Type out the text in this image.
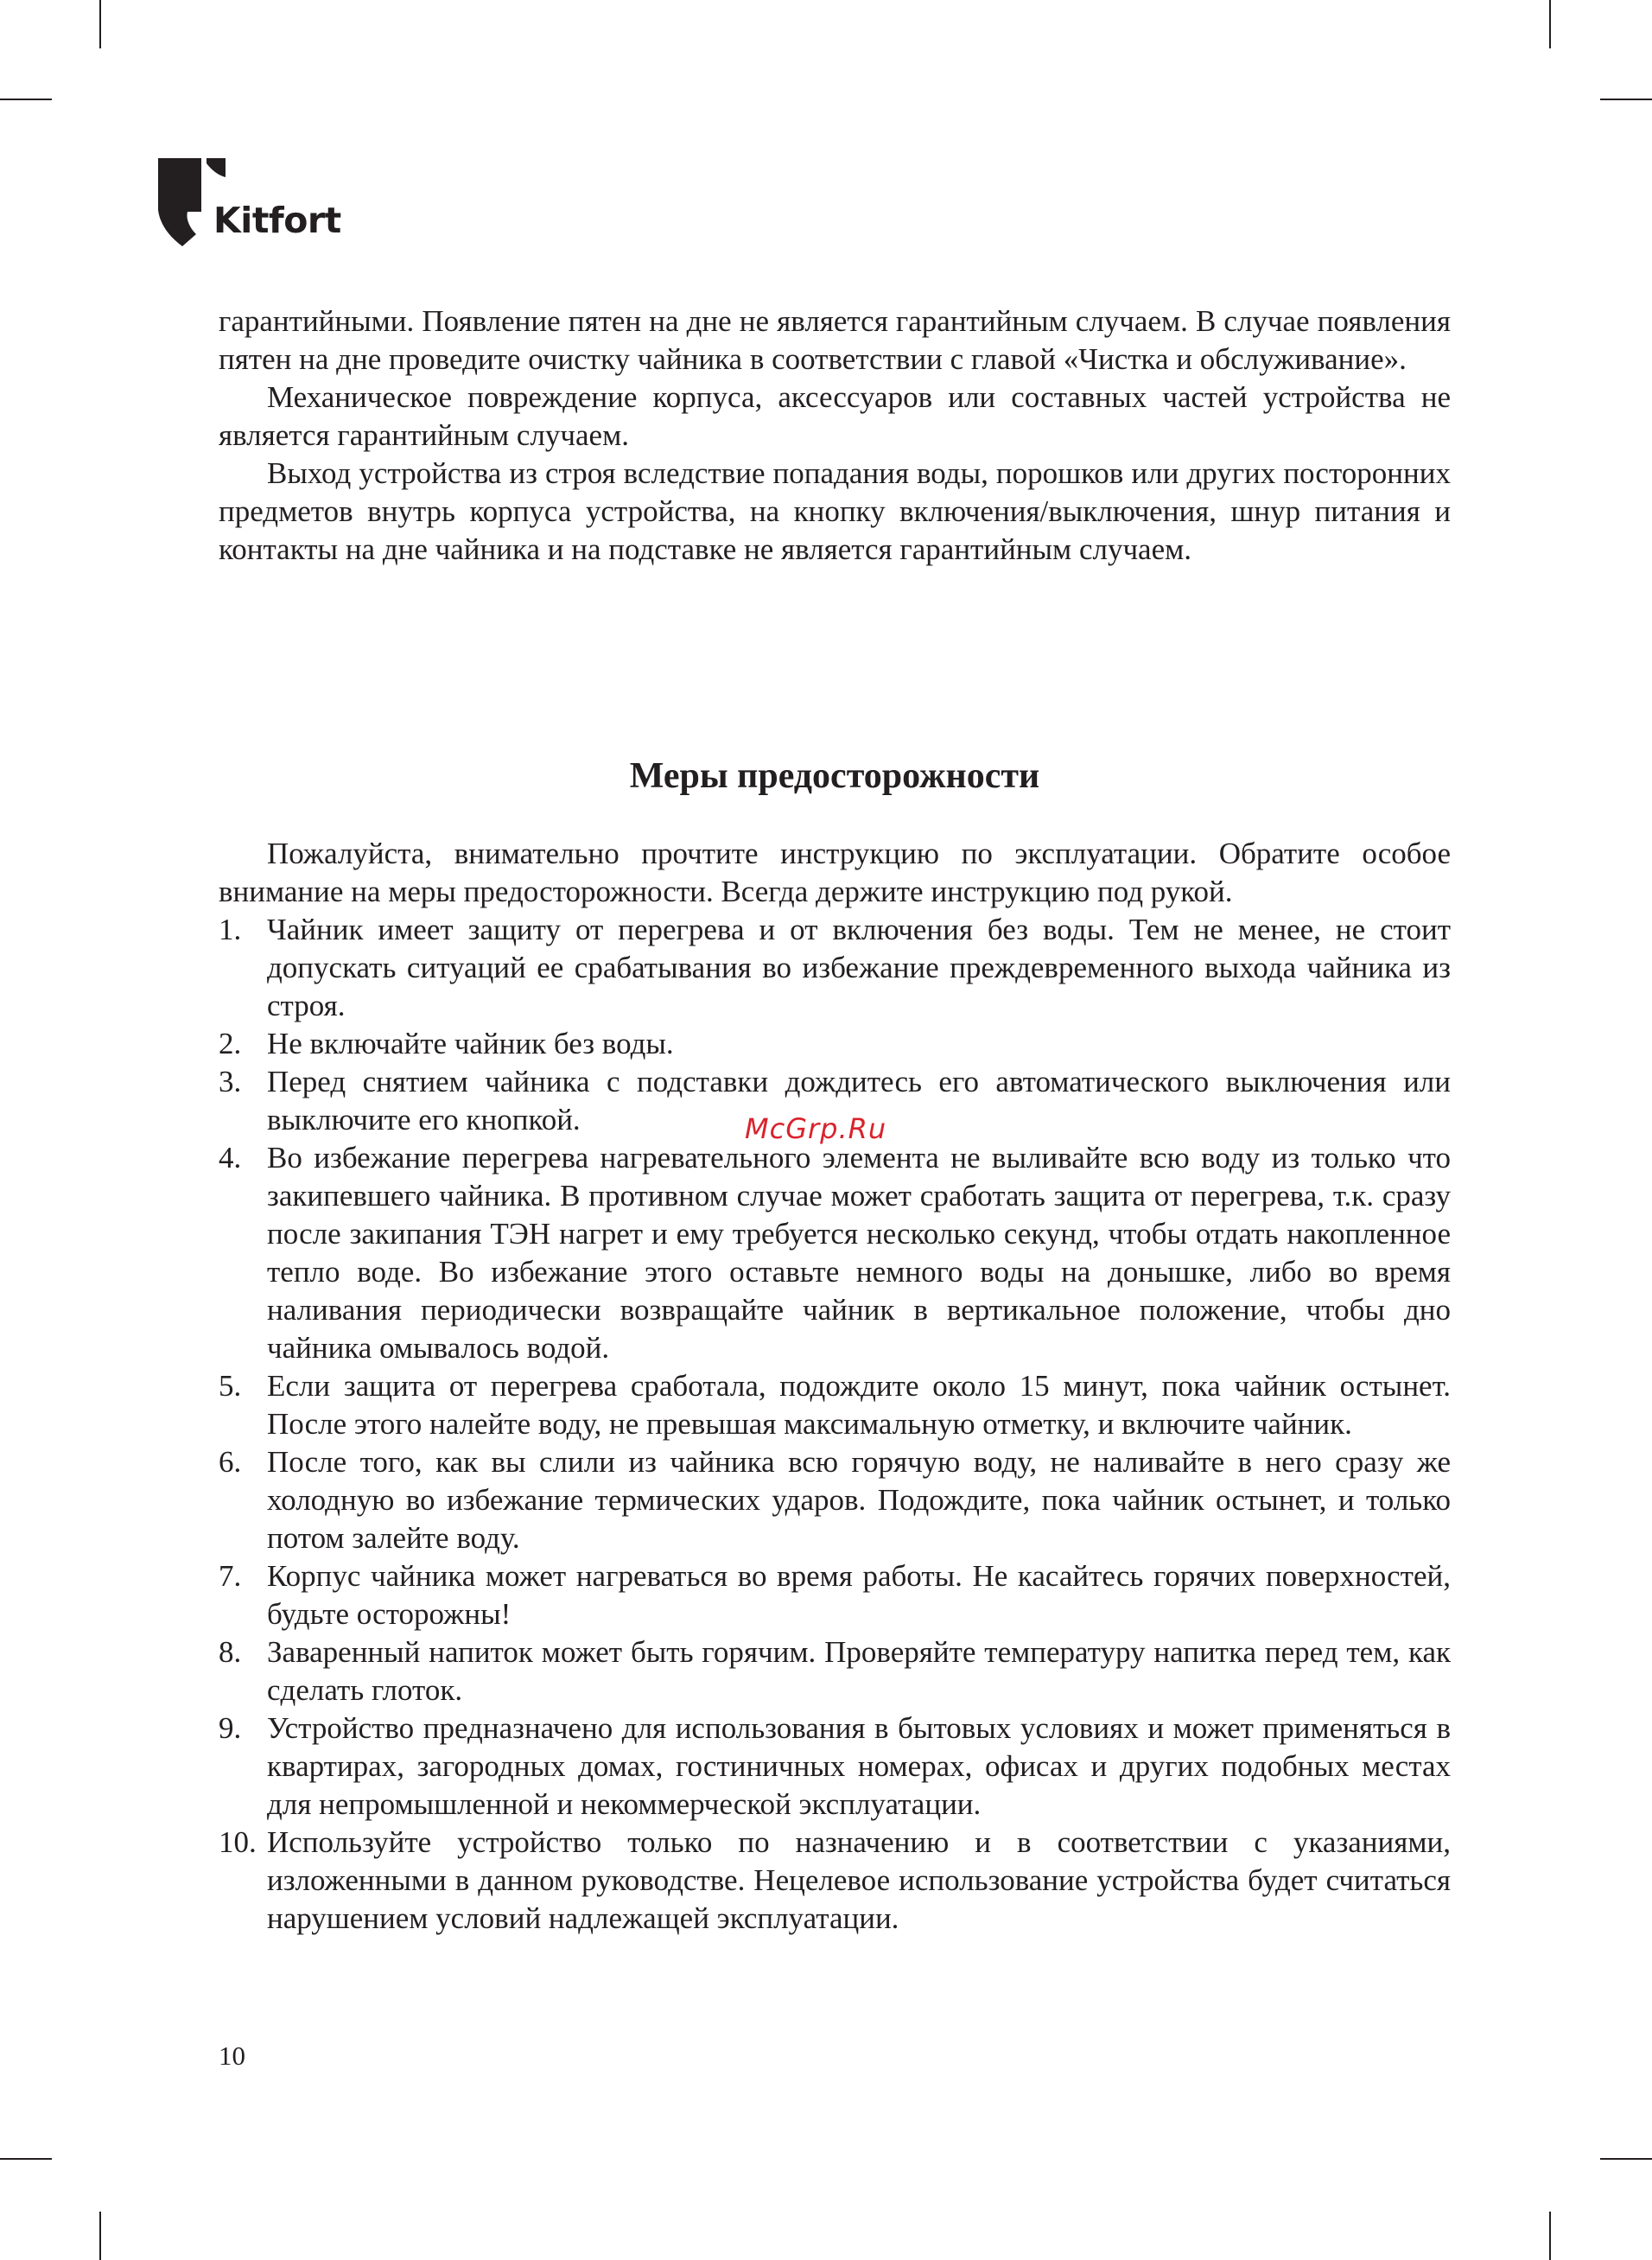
Kitfort

гарантийными. Появление пятен на дне не является гарантийным случаем. В случае появления пятен на дне проведите очистку чайника в соответствии с главой «Чистка и обслуживание».

Механическое повреждение корпуса, аксессуаров или составных частей устройства не является гарантийным случаем.

Выход устройства из строя вследствие попадания воды, порошков или других посторонних предметов внутрь корпуса устройства, на кнопку включения/выключения, шнур питания и контакты на дне чайника и на подставке не является гарантийным случаем.

Меры предосторожности

Пожалуйста, внимательно прочтите инструкцию по эксплуатации. Обратите особое внимание на меры предосторожности. Всегда держите инструкцию под рукой.

1. Чайник имеет защиту от перегрева и от включения без воды. Тем не менее, не стоит допускать ситуаций ее срабатывания во избежание преждевременного выхода чайника из строя.
2. Не включайте чайник без воды.
3. Перед снятием чайника с подставки дождитесь его автоматического выключения или выключите его кнопкой.
4. Во избежание перегрева нагревательного элемента не выливайте всю воду из только что закипевшего чайника. В противном случае может сработать защита от перегрева, т.к. сразу после закипания ТЭН нагрет и ему требуется несколько секунд, чтобы отдать накопленное тепло воде. Во избежание этого оставьте немного воды на донышке, либо во время наливания периодически возвращайте чайник в вертикальное положение, чтобы дно чайника омывалось водой.
5. Если защита от перегрева сработала, подождите около 15 минут, пока чайник остынет. После этого налейте воду, не превышая максимальную отметку, и включите чайник.
6. После того, как вы слили из чайника всю горячую воду, не наливайте в него сразу же холодную во избежание термических ударов. Подождите, пока чайник остынет, и только потом залейте воду.
7. Корпус чайника может нагреваться во время работы. Не касайтесь горячих поверхностей, будьте осторожны!
8. Заваренный напиток может быть горячим. Проверяйте температуру напитка перед тем, как сделать глоток.
9. Устройство предназначено для использования в бытовых условиях и может применяться в квартирах, загородных домах, гостиничных номерах, офисах и других подобных местах для непромышленной и некоммерческой эксплуатации.
10. Используйте устройство только по назначению и в соответствии с указаниями, изложенными в данном руководстве. Нецелевое использование устройства будет считаться нарушением условий надлежащей эксплуатации.
McGrp.Ru
10
